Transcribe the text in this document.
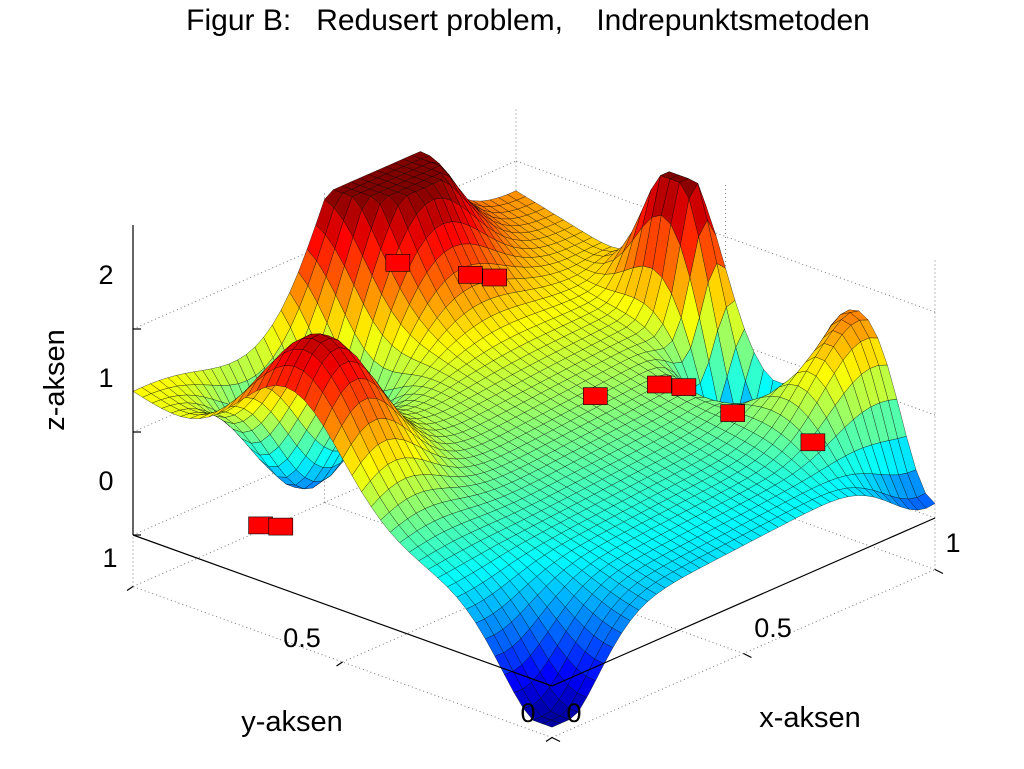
Figur B:   Redusert problem,    Indrepunktsmetoden
0
0.5
1
0
0.5
1
0
1
2
x-aksen
y-aksen
z-aksen
